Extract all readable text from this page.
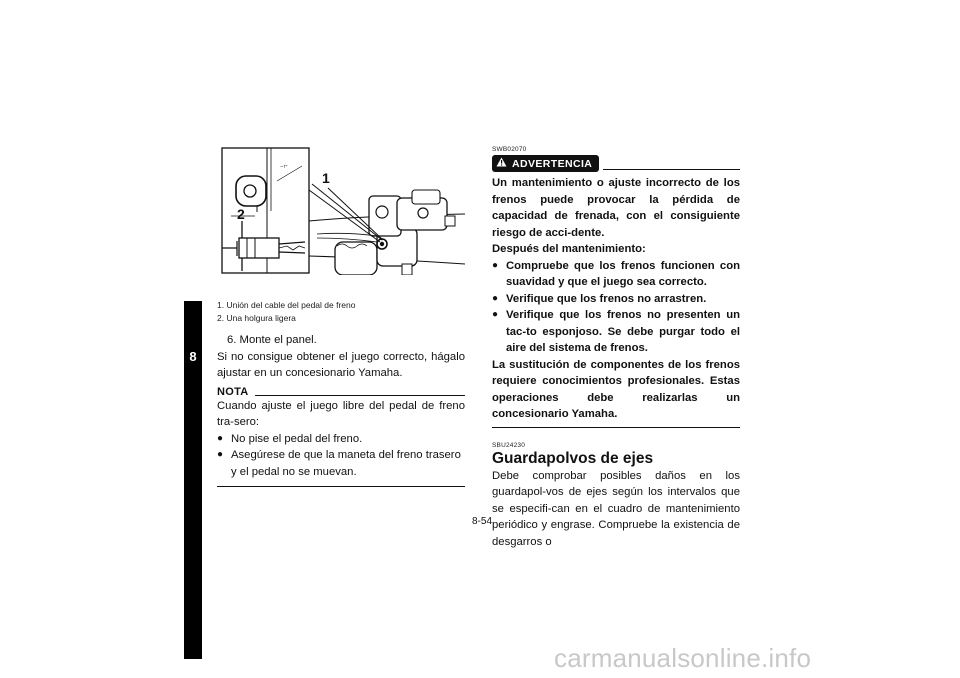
8
-ၢ-
1
2
1. Unión del cable del pedal de freno
2. Una holgura ligera
6. Monte el panel.
Si no consigue obtener el juego correcto, hágalo ajustar en un concesionario Yamaha.
NOTA
Cuando ajuste el juego libre del pedal de freno tra-sero:
● No pise el pedal del freno.
● Asegúrese de que la maneta del freno trasero y el pedal no se muevan.
SWB02070
ADVERTENCIA
Un mantenimiento o ajuste incorrecto de los frenos puede provocar la pérdida de capacidad de frenada, con el consiguiente riesgo de acci-dente.
Después del mantenimiento:
● Compruebe que los frenos funcionen con suavidad y que el juego sea correcto.
● Verifique que los frenos no arrastren.
● Verifique que los frenos no presenten un tac-to esponjoso. Se debe purgar todo el aire del sistema de frenos.
La sustitución de componentes de los frenos requiere conocimientos profesionales. Estas operaciones debe realizarlas un concesionario Yamaha.
SBU24230
Guardapolvos de ejes
Debe comprobar posibles daños en los guardapol-vos de ejes según los intervalos que se especifi-can en el cuadro de mantenimiento periódico y engrase. Compruebe la existencia de desgarros o
8-54
carmanualsonline.info
